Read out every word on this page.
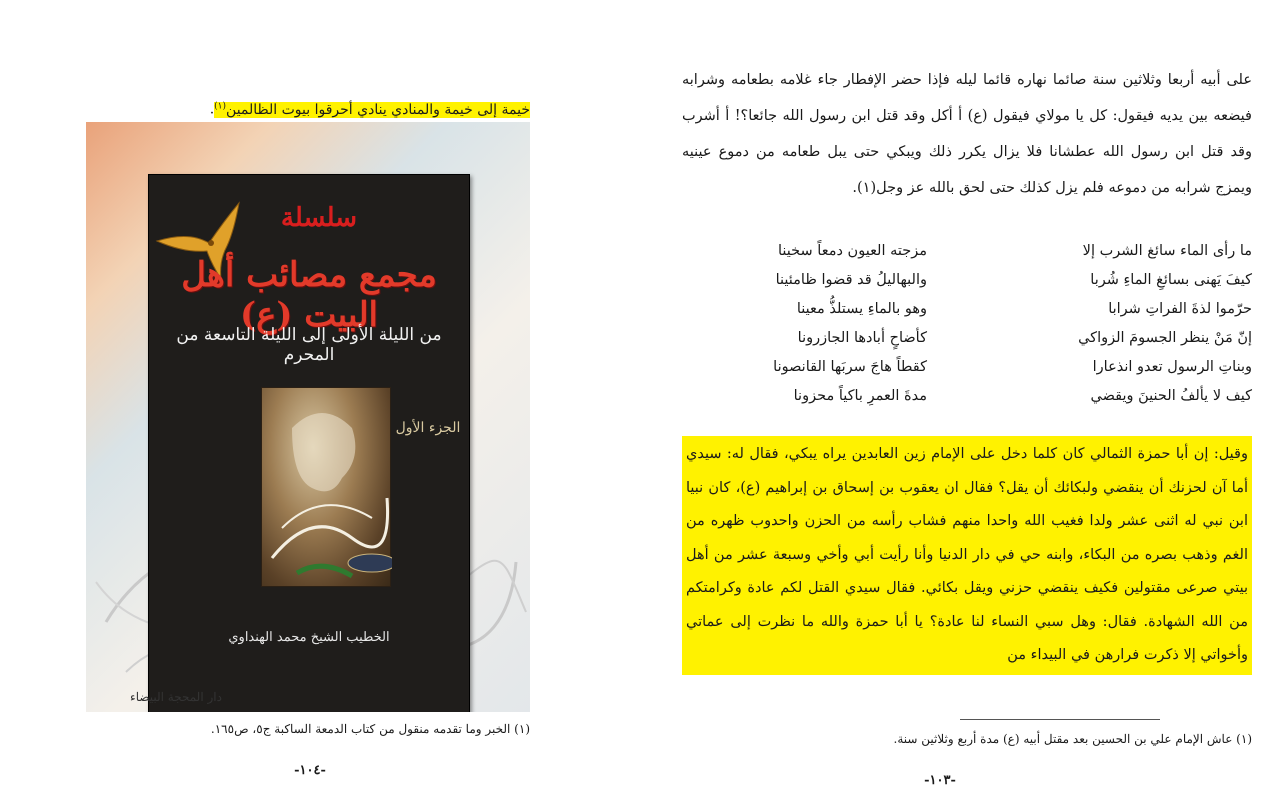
خيمة إلى خيمة والمنادي ينادي أحرقوا بيوت الظالمين$^{(١)}$.
سلسلة
مجمع مصائب أهل البيت (ع)
من الليلة الأولى إلى الليلة التاسعة من المحرم
الجزء الأول
الخطيب الشيخ محمد الهنداوي
دار المحجة البيضاء
(١) الخبر وما تقدمه منقول من كتاب الدمعة الساكبة ج٥، ص١٦٥.
-١٠٤-
على أبيه أربعا وثلاثين سنة صائما نهاره قائما ليله فإذا حضر الإفطار جاء غلامه بطعامه وشرابه فيضعه بين يديه فيقول: كل يا مولاي فيقول (ع) أ أكل وقد قتل ابن رسول الله جائعا؟! أ أشرب وقد قتل ابن رسول الله عطشانا فلا يزال يكرر ذلك ويبكي حتى يبل طعامه من دموع عينيه ويمزج شرابه من دموعه فلم يزل كذلك حتى لحق بالله عز وجل(١).
ما رأى الماء سائغ الشرب إلا
مزجته العيون دمعاً سخينا
كيفَ يَهنى بسائغِ الماءِ شُربا
والبهاليلُ قد قضوا ظامئينا
حرّموا لذةَ الفراتِ شرابا
وهو بالماءِ يستلذُّ معينا
إنّ مَنْ ينظر الجسومَ الزواكي
كأضاحٍ أبادها الجازرونا
وبناتِ الرسول تعدو انذعارا
كقطاً هاجَ سربَها القانصونا
كيف لا يألفُ الحنينَ ويقضي
مدةَ العمرِ باكياً محزونا
وقيل: إن أبا حمزة الثمالي كان كلما دخل على الإمام زين العابدين يراه يبكي، فقال له: سيدي أما آن لحزنك أن ينقضي ولبكائك أن يقل؟ فقال ان يعقوب بن إسحاق بن إبراهيم (ع)، كان نبيا ابن نبي له اثنى عشر ولدا فغيب الله واحدا منهم فشاب رأسه من الحزن واحدوب ظهره من الغم وذهب بصره من البكاء، وابنه حي في دار الدنيا وأنا رأيت أبي وأخي وسبعة عشر من أهل بيتي صرعى مقتولين فكيف ينقضي حزني ويقل بكائي. فقال سيدي القتل لكم عادة وكرامتكم من الله الشهادة. فقال: وهل سبي النساء لنا عادة؟ يا أبا حمزة والله ما نظرت إلى عماتي وأخواتي إلا ذكرت فرارهن في البيداء من
(١) عاش الإمام علي بن الحسين بعد مقتل أبيه (ع) مدة أربع وثلاثين سنة.
-١٠٣-
